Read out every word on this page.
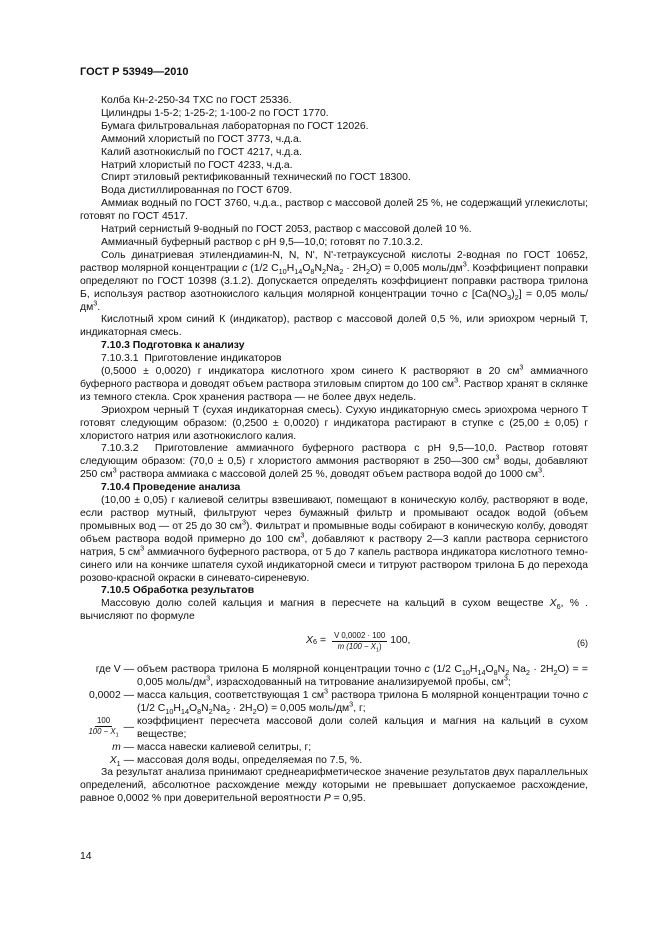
ГОСТ Р 53949—2010

Колба Кн-2-250-34 ТХС по ГОСТ 25336.

Цилиндры 1-5-2; 1-25-2; 1-100-2 по ГОСТ 1770.

Бумага фильтровальная лабораторная по ГОСТ 12026.

Аммоний хлористый по ГОСТ 3773, ч.д.а.

Калий азотнокислый по ГОСТ 4217, ч.д.а.

Натрий хлористый по ГОСТ 4233, ч.д.а.

Спирт этиловый ректификованный технический по ГОСТ 18300.

Вода дистиллированная по ГОСТ 6709.

Аммиак водный по ГОСТ 3760, ч.д.а., раствор с массовой долей 25 %, не содержащий углекислоты; готовят по ГОСТ 4517.

Натрий сернистый 9-водный по ГОСТ 2053, раствор с массовой долей 10 %.

Аммиачный буферный раствор с pH 9,5—10,0; готовят по 7.10.3.2.

Соль динатриевая этилендиамин-N, N, N', N'-тетрауксусной кислоты 2-водная по ГОСТ 10652, раствор молярной концентрации c (1/2 $C_{10}H_{14}O_8N_2Na_2 \cdot 2H_2O) = 0,005$ моль/$дм^3$. Коэффициент поправки определяют по ГОСТ 10398 (3.1.2). Допускается определять коэффициент поправки раствора трилона Б, используя раствор азотнокислого кальция молярной концентрации точно c $[Ca(NO_3)_2] = 0,05$ моль/$дм^3$.

Кислотный хром синий К (индикатор), раствор с массовой долей 0,5 %, или эриохром черный Т, индикаторная смесь.

7.10.3 Подготовка к анализу

7.10.3.1 Приготовление индикаторов

(0,5000 ± 0,0020) г индикатора кислотного хром синего К растворяют в 20 $см^3$ аммиачного буферного раствора и доводят объем раствора этиловым спиртом до 100 $см^3$. Раствор хранят в склянке из темного стекла. Срок хранения раствора — не более двух недель.

Эриохром черный Т (сухая индикаторная смесь). Сухую индикаторную смесь эриохрома черного Т готовят следующим образом: (0,2500 ± 0,0020) г индикатора растирают в ступке с (25,00 ± 0,05) г хлористого натрия или азотнокислого калия.

7.10.3.2 Приготовление аммиачного буферного раствора с pH 9,5—10,0. Раствор готовят следующим образом: (70,0 ± 0,5) г хлористого аммония растворяют в 250—300 $см^3$ воды, добавляют 250 $см^3$ раствора аммиака с массовой долей 25 %, доводят объем раствора водой до 1000 $см^3$.

7.10.4 Проведение анализа

(10,00 ± 0,05) г калиевой селитры взвешивают, помещают в коническую колбу, растворяют в воде, если раствор мутный, фильтруют через бумажный фильтр и промывают осадок водой (объем промывных вод — от 25 до 30 $см^3$). Фильтрат и промывные воды собирают в коническую колбу, доводят объем раствора водой примерно до 100 $см^3$, добавляют к раствору 2—3 капли раствора сернистого натрия, 5 $см^3$ аммиачного буферного раствора, от 5 до 7 капель раствора индикатора кислотного темно-синего или на кончике шпателя сухой индикаторной смеси и титруют раствором трилона Б до перехода розово-красной окраски в синевато-сиреневую.

7.10.5 Обработка результатов

Массовую долю солей кальция и магния в пересчете на кальций в сухом веществе $X_6$, % . вычисляют по формуле

X $6 = \frac{V 0,0002 \cdot 100}{m (100 - X_1)} 100$,	(6)
где V — объем раствора трилона Б молярной концентрации точно c (1/2 $C_{10}H_{14}O_8N_2$ $Na_2 \cdot 2H_2O$) = = 0,005 моль/$дм^3$, израсходованный на титрование анализируемой пробы, $см^3$;
0,0002 — масса кальция, соответствующая 1 $см^3$ раствора трилона Б молярной концентрации точно c (1/2 $C_{10}H_{14}O_8N_2Na_2 \cdot 2H_2O) = 0,005$ моль/$дм^3$, г;
$\frac{100}{100 - X_1}$ —
коэффициент пересчета массовой доли солей кальция и магния на кальций в сухом веществе;
m — масса навески калиевой селитры, г;
$X_1$ — массовая доля воды, определяемая по 7.5, %.

За результат анализа принимают среднеарифметическое значение результатов двух параллельных определений, абсолютное расхождение между которыми не превышает допускаемое расхождение, равное 0,0002 % при доверительной вероятности P = 0,95.

14
